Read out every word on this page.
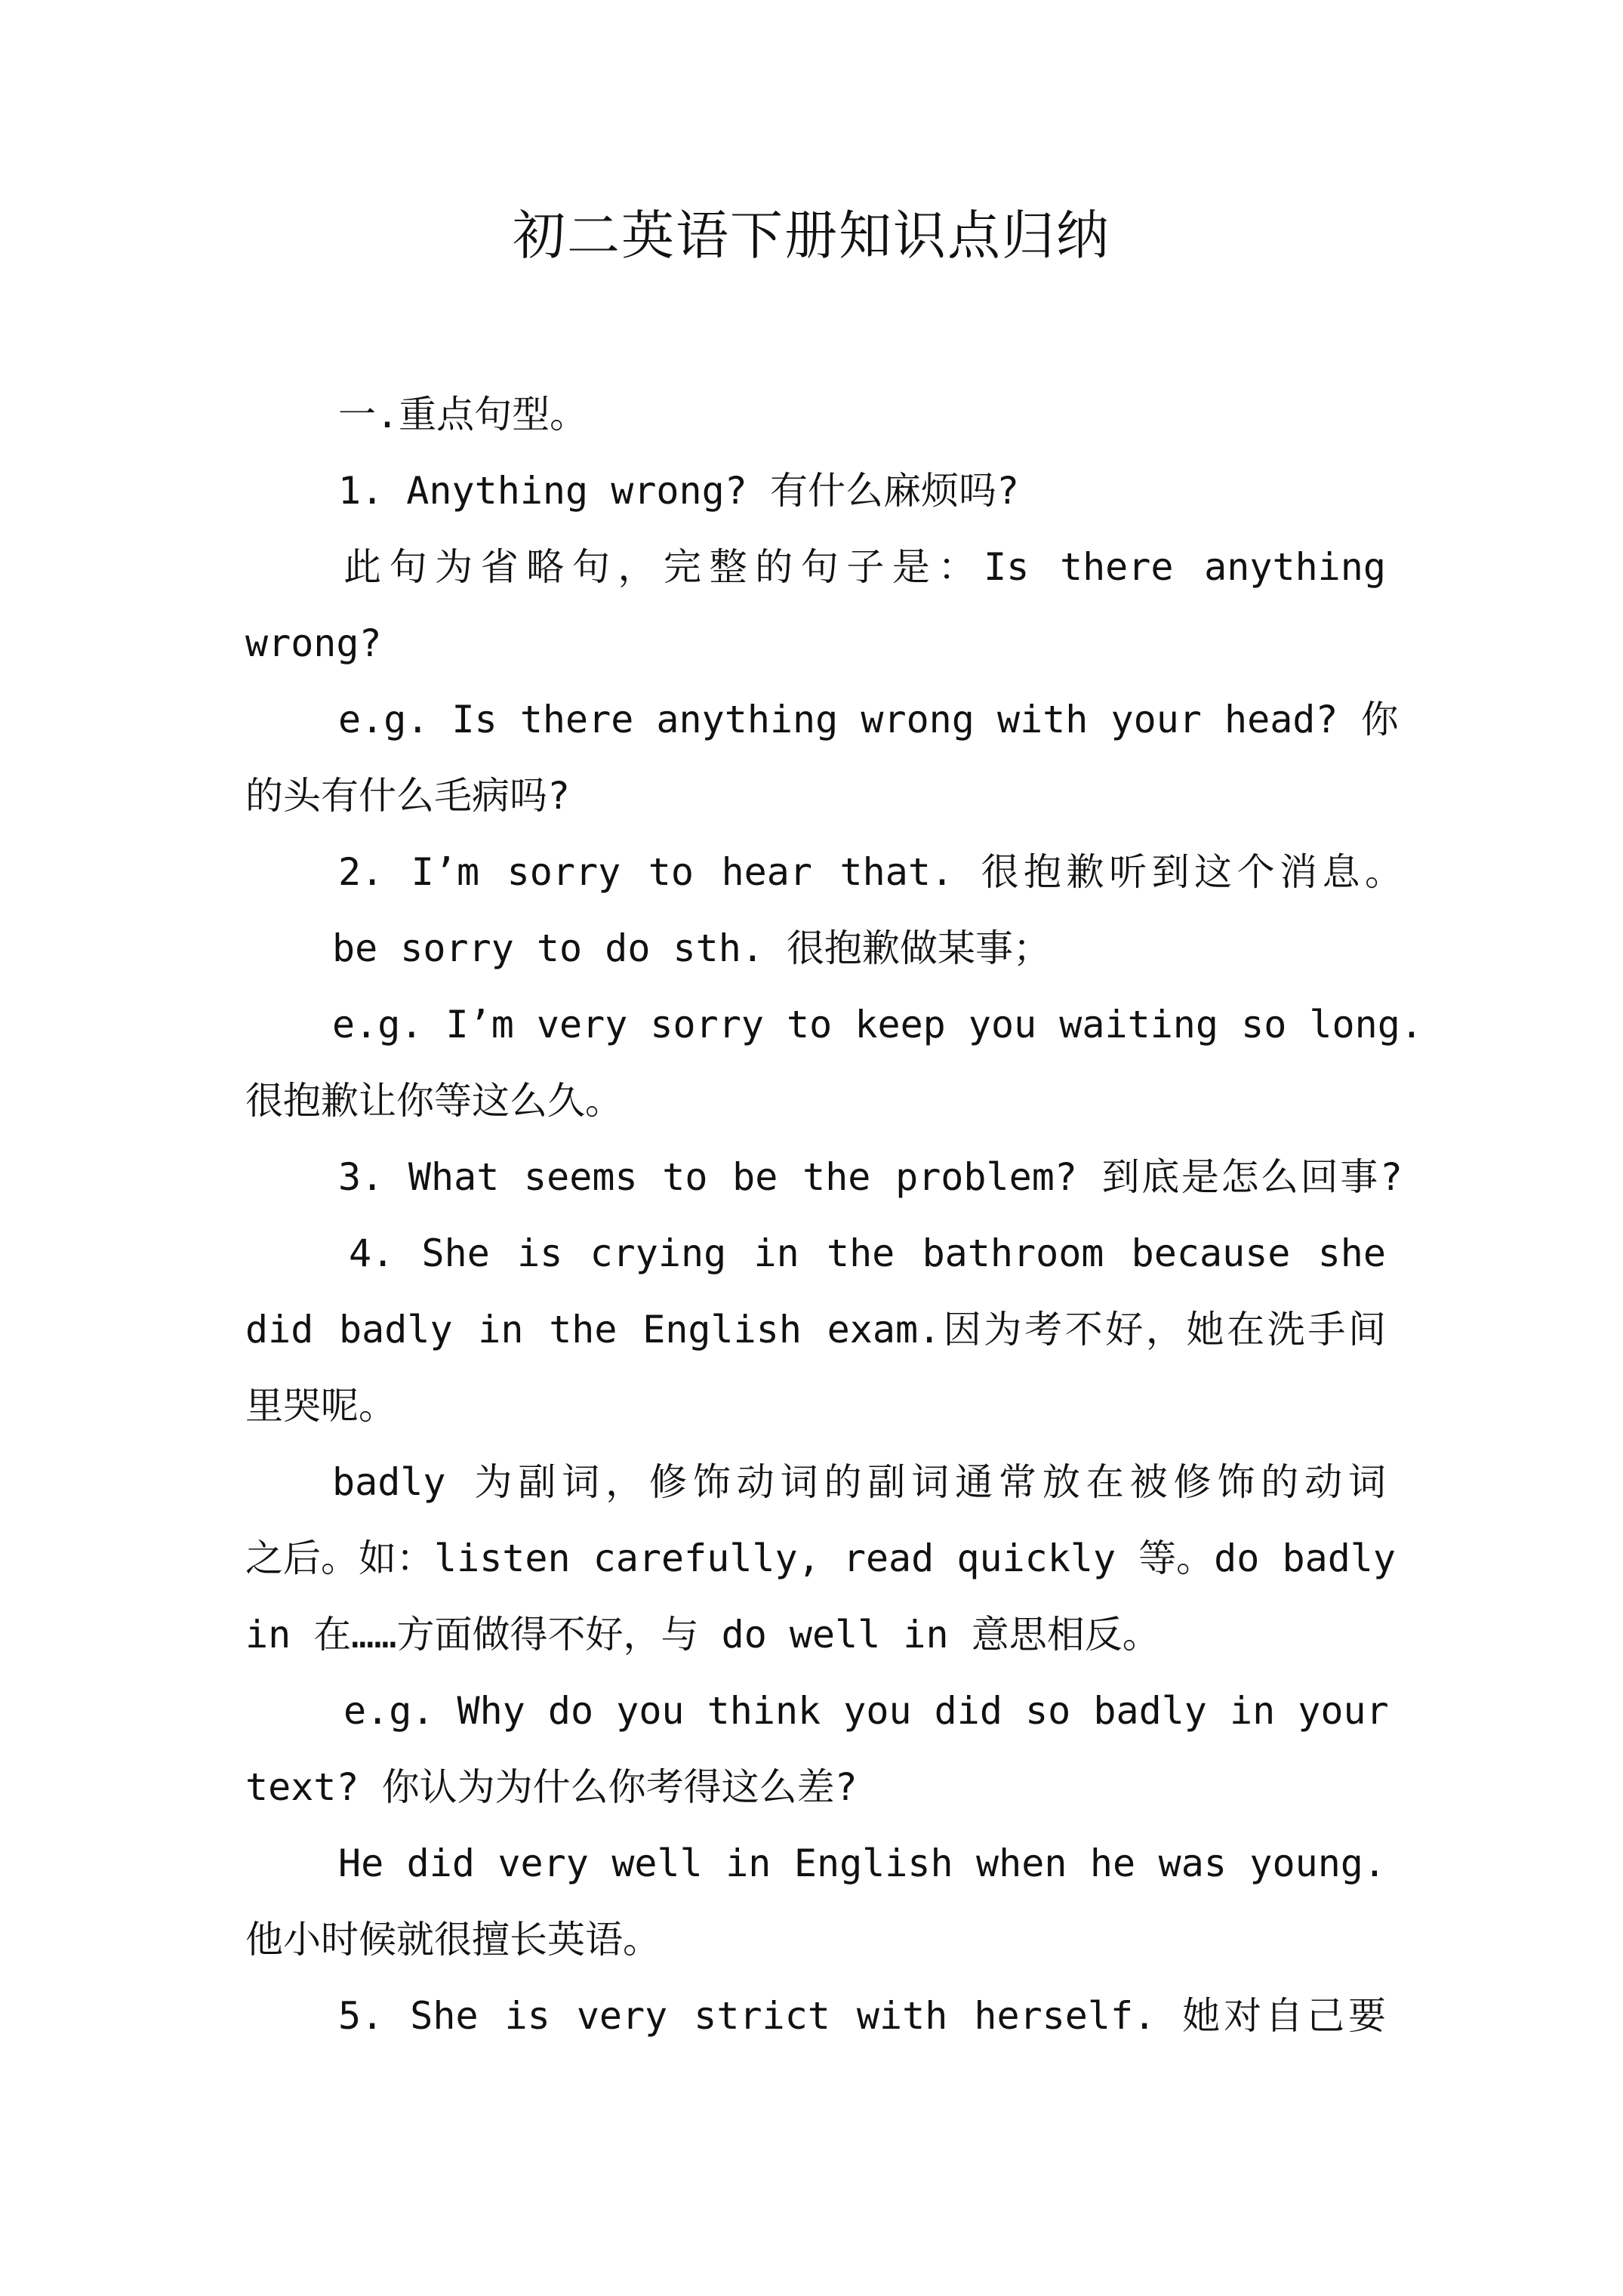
初二英语下册知识点归纳
一.重点句型。
1. Anything wrong? 有什么麻烦吗?
此句为省略句，完整的句子是：Is there anything
wrong?
e.g. Is there anything wrong with your head? 你
的头有什么毛病吗?
2. I’m sorry to hear that. 很抱歉听到这个消息。
be sorry to do sth. 很抱歉做某事；
e.g. I’m very sorry to keep you waiting so long.
很抱歉让你等这么久。
3. What seems to be the problem? 到底是怎么回事?
4. She is crying in the bathroom because she
did badly in the English exam.因为考不好，她在洗手间
里哭呢。
badly 为副词，修饰动词的副词通常放在被修饰的动词
之后。如：listen carefully, read quickly 等。do badly
in 在……方面做得不好，与 do well in 意思相反。
e.g. Why do you think you did so badly in your
text? 你认为为什么你考得这么差?
He did very well in English when he was young.
他小时候就很擅长英语。
5. She is very strict with herself. 她对自己要
